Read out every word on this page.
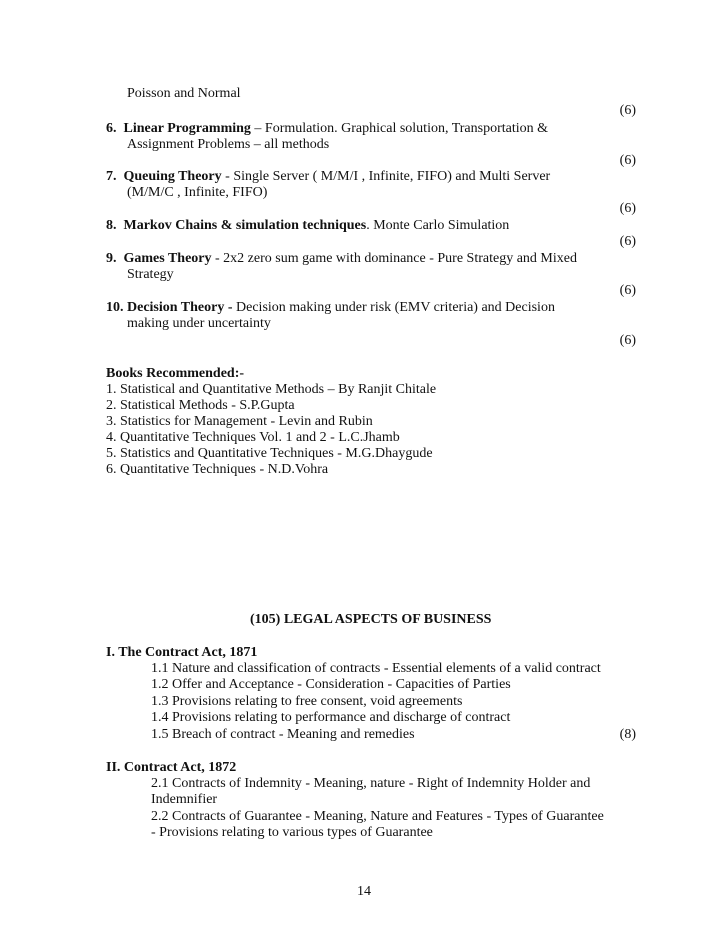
Poisson and Normal
(6)
6. Linear Programming – Formulation. Graphical solution, Transportation &
Assignment Problems – all methods
(6)
7. Queuing Theory - Single Server ( M/M/I , Infinite, FIFO) and Multi Server
(M/M/C , Infinite, FIFO)
(6)
8. Markov Chains & simulation techniques. Monte Carlo Simulation
(6)
9. Games Theory - 2x2 zero sum game with dominance - Pure Strategy and Mixed
Strategy
(6)
10. Decision Theory - Decision making under risk (EMV criteria) and Decision
making under uncertainty
(6)
Books Recommended:-
1. Statistical and Quantitative Methods – By Ranjit Chitale
2. Statistical Methods - S.P.Gupta
3. Statistics for Management - Levin and Rubin
4. Quantitative Techniques Vol. 1 and 2 - L.C.Jhamb
5. Statistics and Quantitative Techniques - M.G.Dhaygude
6. Quantitative Techniques - N.D.Vohra
(105) LEGAL ASPECTS OF BUSINESS
I. The Contract Act, 1871
1.1 Nature and classification of contracts - Essential elements of a valid contract
1.2 Offer and Acceptance - Consideration - Capacities of Parties
1.3 Provisions relating to free consent, void agreements
1.4 Provisions relating to performance and discharge of contract
1.5 Breach of contract - Meaning and remedies	(8)
II. Contract Act, 1872
2.1 Contracts of Indemnity - Meaning, nature - Right of Indemnity Holder and
Indemnifier
2.2 Contracts of Guarantee - Meaning, Nature and Features - Types of Guarantee
- Provisions relating to various types of Guarantee
14
